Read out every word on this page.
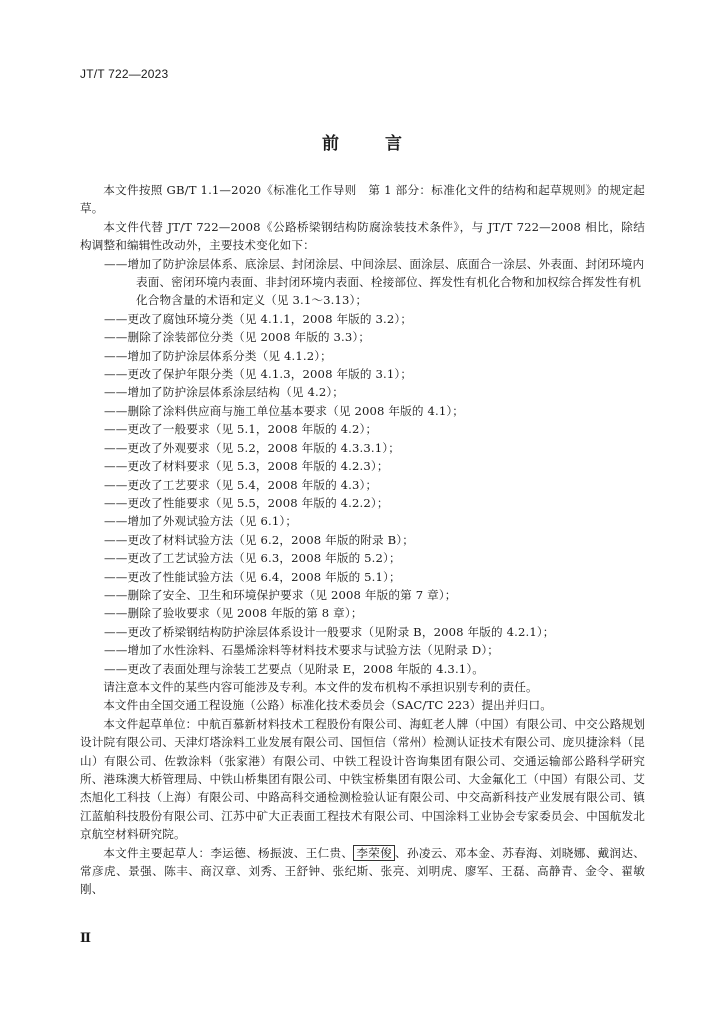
JT/T 722—2023
前言

本文件按照 GB/T 1.1—2020《标准化工作导则　第 1 部分：标准化文件的结构和起草规则》的规定起草。

本文件代替 JT/T 722—2008《公路桥梁钢结构防腐涂装技术条件》，与 JT/T 722—2008 相比，除结构调整和编辑性改动外，主要技术变化如下：

——增加了防护涂层体系、底涂层、封闭涂层、中间涂层、面涂层、底面合一涂层、外表面、封闭环境内表面、密闭环境内表面、非封闭环境内表面、栓接部位、挥发性有机化合物和加权综合挥发性有机化合物含量的术语和定义（见 3.1～3.13）；
——更改了腐蚀环境分类（见 4.1.1，2008 年版的 3.2）；
——删除了涂装部位分类（见 2008 年版的 3.3）；
——增加了防护涂层体系分类（见 4.1.2）；
——更改了保护年限分类（见 4.1.3，2008 年版的 3.1）；
——增加了防护涂层体系涂层结构（见 4.2）；
——删除了涂料供应商与施工单位基本要求（见 2008 年版的 4.1）；
——更改了一般要求（见 5.1，2008 年版的 4.2）；
——更改了外观要求（见 5.2，2008 年版的 4.3.3.1）；
——更改了材料要求（见 5.3，2008 年版的 4.2.3）；
——更改了工艺要求（见 5.4，2008 年版的 4.3）；
——更改了性能要求（见 5.5，2008 年版的 4.2.2）；
——增加了外观试验方法（见 6.1）；
——更改了材料试验方法（见 6.2，2008 年版的附录 B）；
——更改了工艺试验方法（见 6.3，2008 年版的 5.2）；
——更改了性能试验方法（见 6.4，2008 年版的 5.1）；
——删除了安全、卫生和环境保护要求（见 2008 年版的第 7 章）；
——删除了验收要求（见 2008 年版的第 8 章）；
——更改了桥梁钢结构防护涂层体系设计一般要求（见附录 B，2008 年版的 4.2.1）；
——增加了水性涂料、石墨烯涂料等材料技术要求与试验方法（见附录 D）；
——更改了表面处理与涂装工艺要点（见附录 E，2008 年版的 4.3.1）。

请注意本文件的某些内容可能涉及专利。本文件的发布机构不承担识别专利的责任。

本文件由全国交通工程设施（公路）标准化技术委员会（SAC/TC 223）提出并归口。

本文件起草单位：中航百慕新材料技术工程股份有限公司、海虹老人牌（中国）有限公司、中交公路规划设计院有限公司、天津灯塔涂料工业发展有限公司、国恒信（常州）检测认证技术有限公司、庞贝捷涂料（昆山）有限公司、佐敦涂料（张家港）有限公司、中铁工程设计咨询集团有限公司、交通运输部公路科学研究所、港珠澳大桥管理局、中铁山桥集团有限公司、中铁宝桥集团有限公司、大金氟化工（中国）有限公司、艾杰旭化工科技（上海）有限公司、中路高科交通检测检验认证有限公司、中交高新科技产业发展有限公司、镇江蓝舶科技股份有限公司、江苏中矿大正表面工程技术有限公司、中国涂料工业协会专家委员会、中国航发北京航空材料研究院。

本文件主要起草人：李运德、杨振波、王仁贵、 李荣俊 、孙凌云、邓本金、苏春海、刘晓娜、戴润达、常彦虎、景强、陈丰、商汉章、刘秀、王舒钟、张纪斯、张亮、刘明虎、廖军、王磊、高静青、金令、翟敏刚、

Ⅱ
